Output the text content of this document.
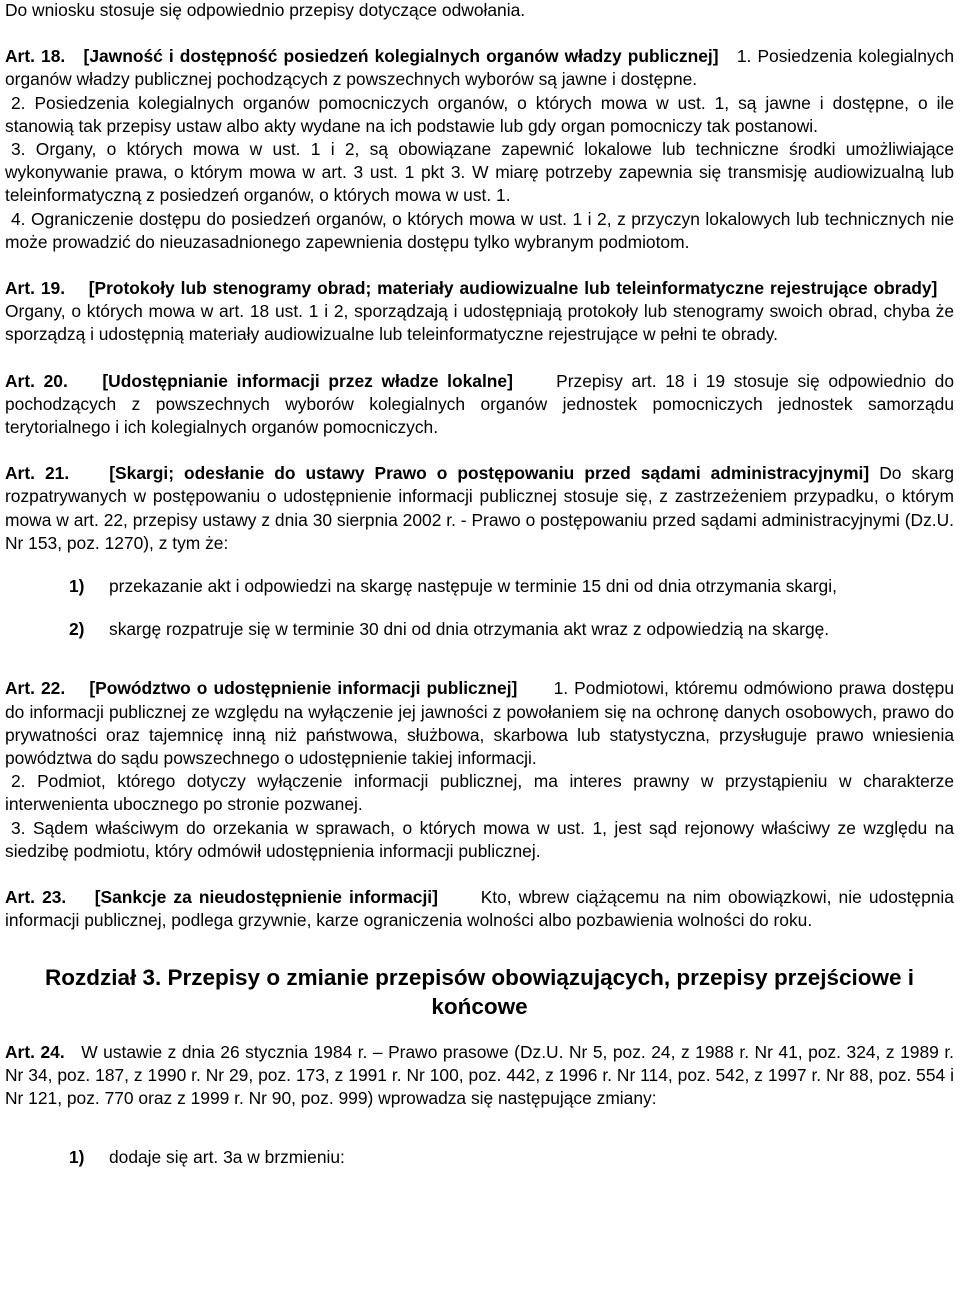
Do wniosku stosuje się odpowiednio przepisy dotyczące odwołania.

Art. 18. [Jawność i dostępność posiedzeń kolegialnych organów władzy publicznej] 1. Posiedzenia kolegialnych organów władzy publicznej pochodzących z powszechnych wyborów są jawne i dostępne.

2. Posiedzenia kolegialnych organów pomocniczych organów, o których mowa w ust. 1, są jawne i dostępne, o ile stanowią tak przepisy ustaw albo akty wydane na ich podstawie lub gdy organ pomocniczy tak postanowi.

3. Organy, o których mowa w ust. 1 i 2, są obowiązane zapewnić lokalowe lub techniczne środki umożliwiające wykonywanie prawa, o którym mowa w art. 3 ust. 1 pkt 3. W miarę potrzeby zapewnia się transmisję audiowizualną lub teleinformatyczną z posiedzeń organów, o których mowa w ust. 1.

4. Ograniczenie dostępu do posiedzeń organów, o których mowa w ust. 1 i 2, z przyczyn lokalowych lub technicznych nie może prowadzić do nieuzasadnionego zapewnienia dostępu tylko wybranym podmiotom.

Art. 19. [Protokoły lub stenogramy obrad; materiały audiowizualne lub teleinformatyczne rejestrujące obrady]    Organy, o których mowa w art. 18 ust. 1 i 2, sporządzają i udostępniają protokoły lub stenogramy swoich obrad, chyba że sporządzą i udostępnią materiały audiowizualne lub teleinformatyczne rejestrujące w pełni te obrady.

Art. 20. [Udostępnianie informacji przez władze lokalne] Przepisy art. 18 i 19 stosuje się odpowiednio do pochodzących z powszechnych wyborów kolegialnych organów jednostek pomocniczych jednostek samorządu terytorialnego i ich kolegialnych organów pomocniczych.

Art. 21. [Skargi; odesłanie do ustawy Prawo o postępowaniu przed sądami administracyjnymi] Do skarg rozpatrywanych w postępowaniu o udostępnienie informacji publicznej stosuje się, z zastrzeżeniem przypadku, o którym mowa w art. 22, przepisy ustawy z dnia 30 sierpnia 2002 r. - Prawo o postępowaniu przed sądami administracyjnymi (Dz.U. Nr 153, poz. 1270), z tym że:

1)	przekazanie akt i odpowiedzi na skargę następuje w terminie 15 dni od dnia otrzymania skargi,
2)	skargę rozpatruje się w terminie 30 dni od dnia otrzymania akt wraz z odpowiedzią na skargę.

Art. 22. [Powództwo o udostępnienie informacji publicznej] 1. Podmiotowi, któremu odmówiono prawa dostępu do informacji publicznej ze względu na wyłączenie jej jawności z powołaniem się na ochronę danych osobowych, prawo do prywatności oraz tajemnicę inną niż państwowa, służbowa, skarbowa lub statystyczna, przysługuje prawo wniesienia powództwa do sądu powszechnego o udostępnienie takiej informacji.

2. Podmiot, którego dotyczy wyłączenie informacji publicznej, ma interes prawny w przystąpieniu w charakterze interwenienta ubocznego po stronie pozwanej.

3. Sądem właściwym do orzekania w sprawach, o których mowa w ust. 1, jest sąd rejonowy właściwy ze względu na siedzibę podmiotu, który odmówił udostępnienia informacji publicznej.

Art. 23. [Sankcje za nieudostępnienie informacji] Kto, wbrew ciążącemu na nim obowiązkowi, nie udostępnia informacji publicznej, podlega grzywnie, karze ograniczenia wolności albo pozbawienia wolności do roku.

Rozdział 3. Przepisy o zmianie przepisów obowiązujących, przepisy przejściowe i końcowe

Art. 24. W ustawie z dnia 26 stycznia 1984 r. – Prawo prasowe (Dz.U. Nr 5, poz. 24, z 1988 r. Nr 41, poz. 324, z 1989 r. Nr 34, poz. 187, z 1990 r. Nr 29, poz. 173, z 1991 r. Nr 100, poz. 442, z 1996 r. Nr 114, poz. 542, z 1997 r. Nr 88, poz. 554 i Nr 121, poz. 770 oraz z 1999 r. Nr 90, poz. 999) wprowadza się następujące zmiany:

1)	dodaje się art. 3a w brzmieniu:
